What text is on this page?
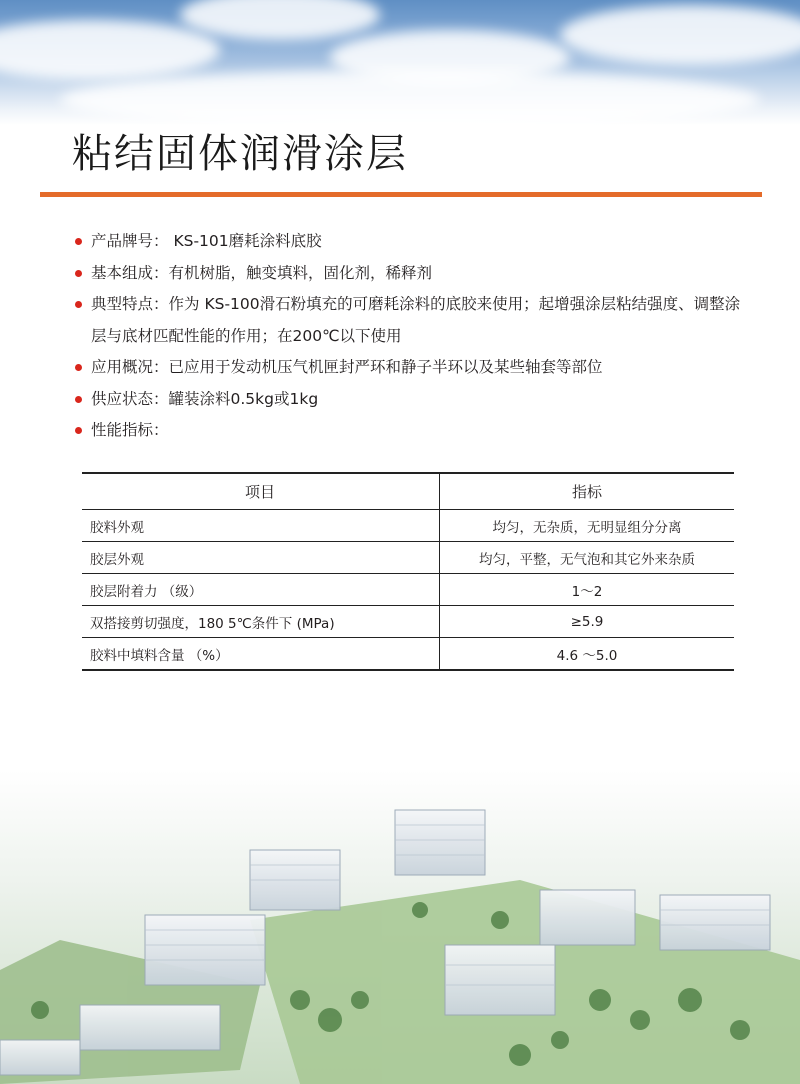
粘结固体润滑涂层
产品牌号： KS-101磨耗涂料底胶
基本组成：有机树脂，触变填料，固化剂，稀释剂
典型特点：作为 KS-100滑石粉填充的可磨耗涂料的底胶来使用；起增强涂层粘结强度、调整涂层与底材匹配性能的作用；在200℃以下使用
应用概况：已应用于发动机压气机匣封严环和静子半环以及某些轴套等部位
供应状态：罐装涂料0.5kg或1kg
性能指标：
项目	指标
胶料外观	均匀，无杂质，无明显组分分离
胶层外观	均匀，平整，无气泡和其它外来杂质
胶层附着力 （级）	1～2
双搭接剪切强度，180 5℃条件下 (MPa)	≥5.9
胶料中填料含量 （%）	4.6 ～5.0
